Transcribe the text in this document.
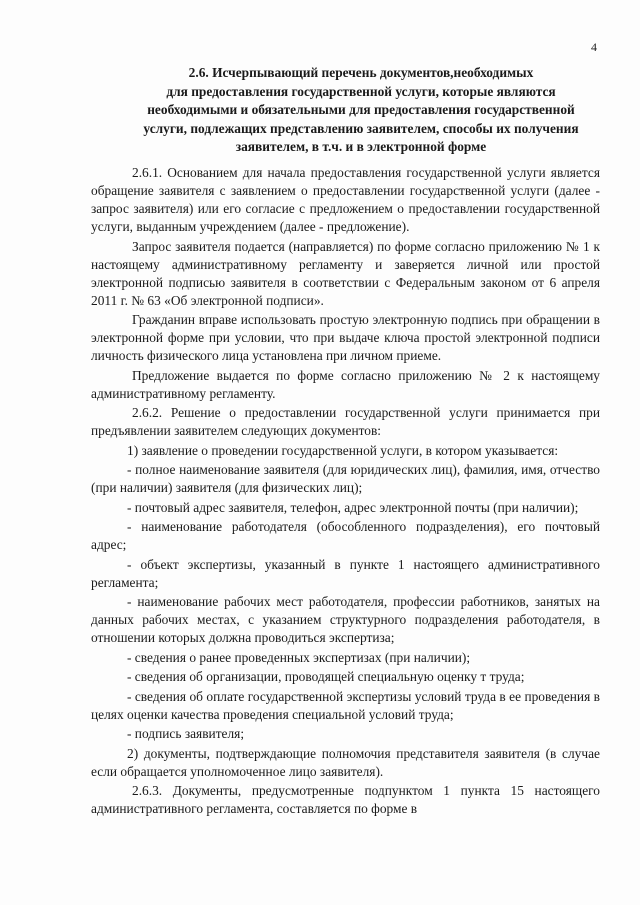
4
2.6. Исчерпывающий перечень документов,необходимых
для предоставления государственной услуги, которые являются
необходимыми и обязательными для предоставления государственной
услуги, подлежащих представлению заявителем, способы их получения
заявителем, в т.ч. и в электронной форме

2.6.1. Основанием для начала предоставления государственной услуги является обращение заявителя с заявлением о предоставлении государственной услуги (далее - запрос заявителя) или его согласие с предложением о предоставлении государственной услуги, выданным учреждением (далее - предложение).

Запрос заявителя подается (направляется) по форме согласно приложению № 1 к настоящему административному регламенту и заверяется личной или простой электронной подписью заявителя в соответствии с Федеральным законом от 6 апреля 2011 г. № 63 «Об электронной подписи».

Гражданин вправе использовать простую электронную подпись при обращении в электронной форме при условии, что при выдаче ключа простой электронной подписи личность физического лица установлена при личном приеме.

Предложение выдается по форме согласно приложению № 2 к настоящему административному регламенту.

2.6.2. Решение о предоставлении государственной услуги принимается при предъявлении заявителем следующих документов:

1) заявление о проведении государственной услуги, в котором указывается:

- полное наименование заявителя (для юридических лиц), фамилия, имя, отчество (при наличии) заявителя (для физических лиц);

- почтовый адрес заявителя, телефон, адрес электронной почты (при наличии);

- наименование работодателя (обособленного подразделения), его почтовый адрес;

- объект экспертизы, указанный в пункте 1 настоящего административного регламента;

- наименование рабочих мест работодателя, профессии работников, занятых на данных рабочих местах, с указанием структурного подразделения работодателя, в отношении которых должна проводиться экспертиза;

- сведения о ранее проведенных экспертизах (при наличии);

- сведения об организации, проводящей специальную оценку т труда;

- сведения об оплате государственной экспертизы условий труда в ее проведения в целях оценки качества проведения специальной условий труда;

- подпись заявителя;

2) документы, подтверждающие полномочия представителя заявителя (в случае если обращается уполномоченное лицо заявителя).

2.6.3. Документы, предусмотренные подпунктом 1 пункта 15 настоящего административного регламента, составляется по форме в
